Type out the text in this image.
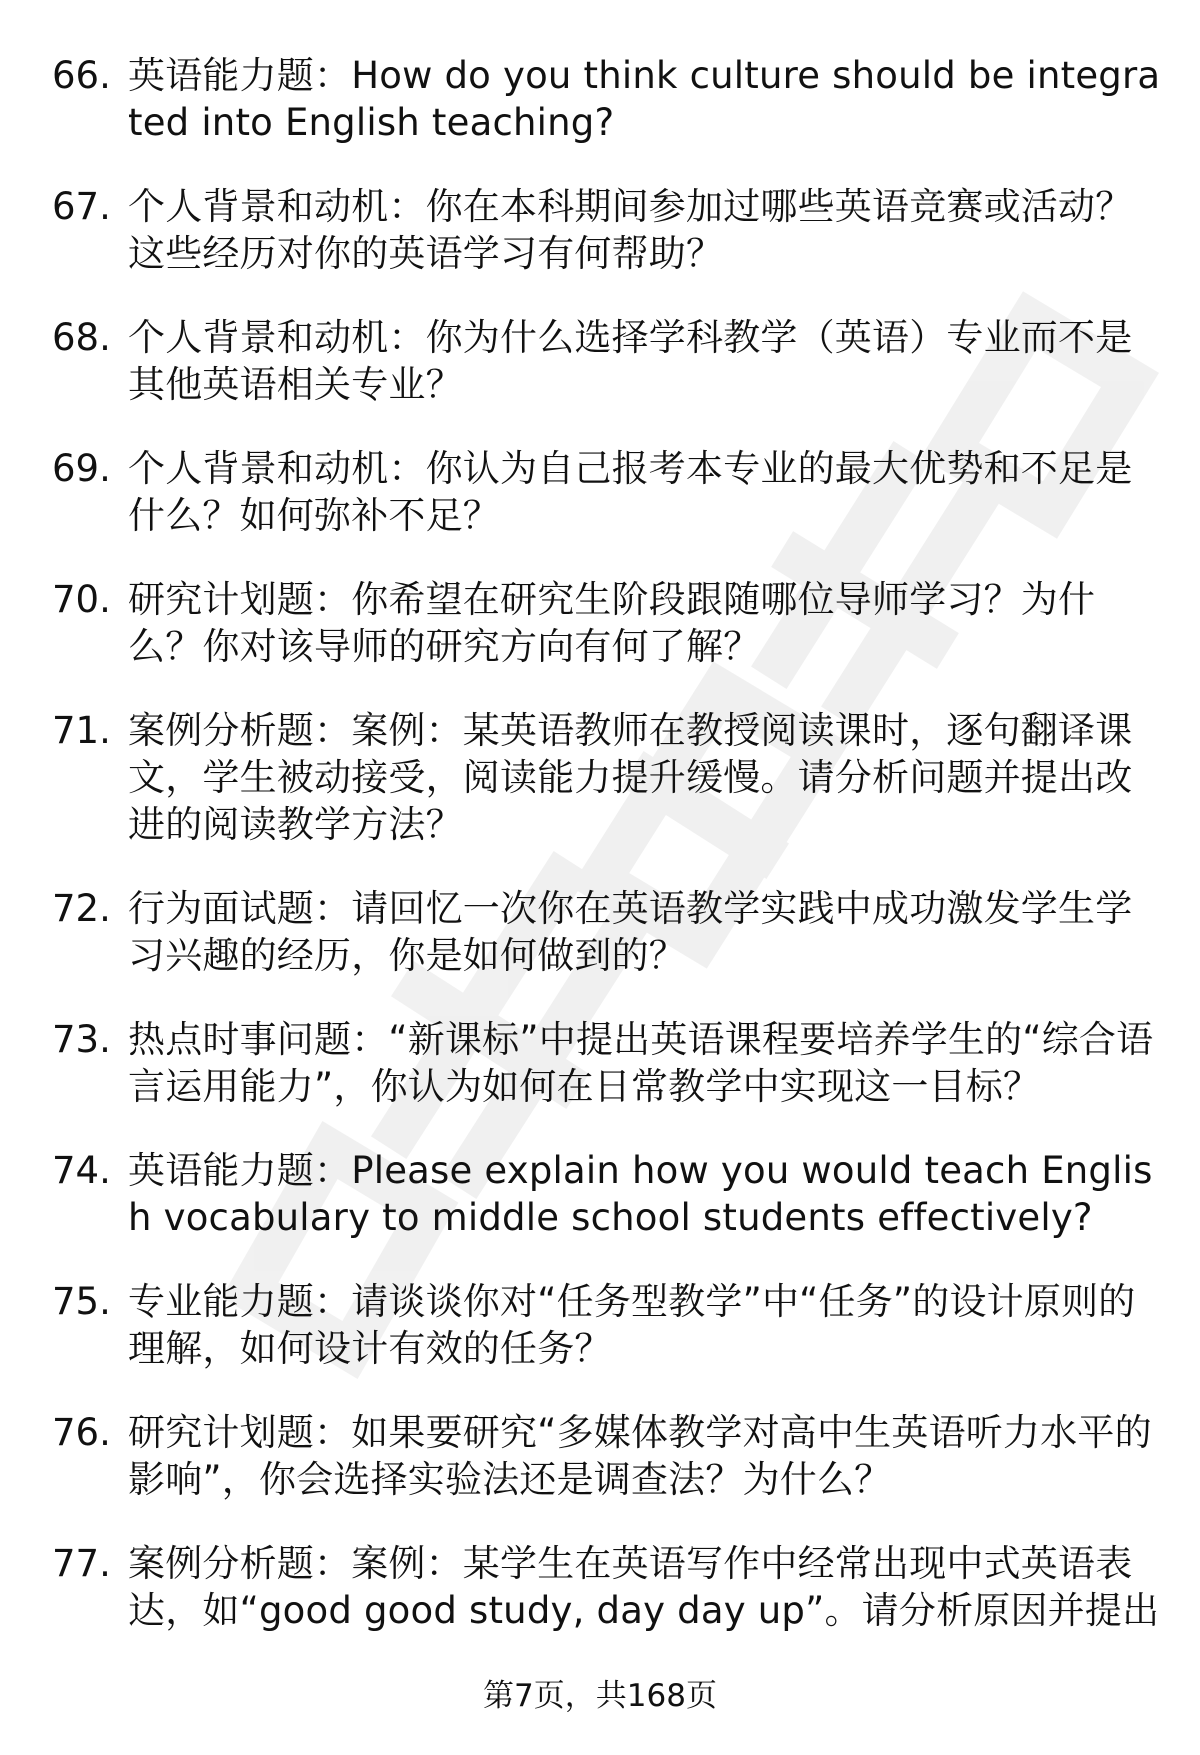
66. 英语能力题：How do you think culture should be integrated into English teaching?
67. 个人背景和动机：你在本科期间参加过哪些英语竞赛或活动？这些经历对你的英语学习有何帮助？
68. 个人背景和动机：你为什么选择学科教学（英语）专业而不是其他英语相关专业？
69. 个人背景和动机：你认为自己报考本专业的最大优势和不足是什么？如何弥补不足？
70. 研究计划题：你希望在研究生阶段跟随哪位导师学习？为什么？你对该导师的研究方向有何了解？
71. 案例分析题：案例：某英语教师在教授阅读课时，逐句翻译课文，学生被动接受，阅读能力提升缓慢。请分析问题并提出改进的阅读教学方法？
72. 行为面试题：请回忆一次你在英语教学实践中成功激发学生学习兴趣的经历，你是如何做到的？
73. 热点时事问题：“新课标”中提出英语课程要培养学生的“综合语言运用能力”，你认为如何在日常教学中实现这一目标？
74. 英语能力题：Please explain how you would teach English vocabulary to middle school students effectively?
75. 专业能力题：请谈谈你对“任务型教学”中“任务”的设计原则的理解，如何设计有效的任务？
76. 研究计划题：如果要研究“多媒体教学对高中生英语听力水平的影响”，你会选择实验法还是调查法？为什么？
77. 案例分析题：案例：某学生在英语写作中经常出现中式英语表达，如“good good study, day day up”。请分析原因并提出
第7页，共168页
